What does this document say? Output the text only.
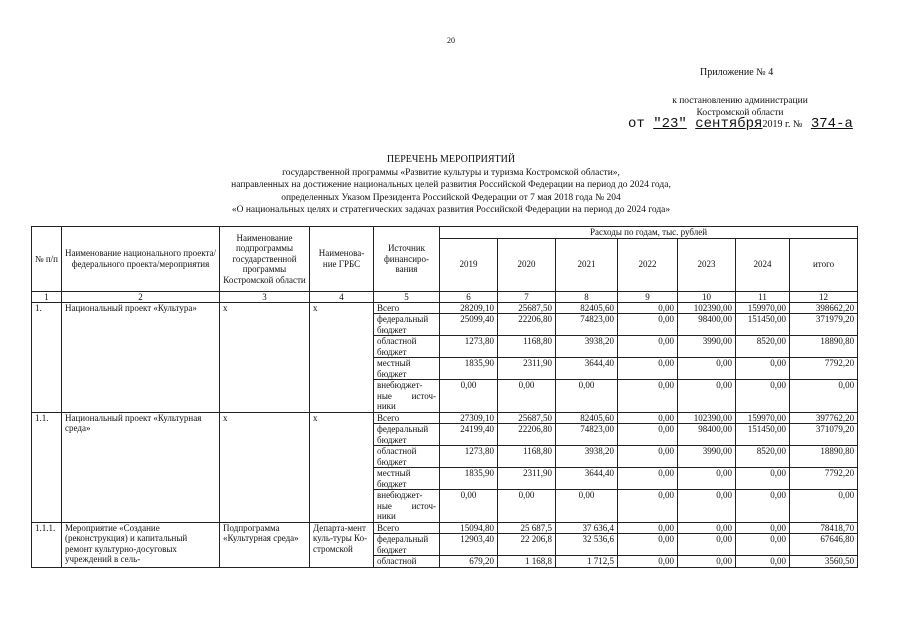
20
Приложение № 4
к постановлению администрации
Костромской области
от "23" сентября2019 г. № 374-а
ПЕРЕЧЕНЬ МЕРОПРИЯТИЙ
государственной программы «Развитие культуры и туризма Костромской области»,
направленных на достижение национальных целей развития Российской Федерации на период до 2024 года,
определенных Указом Президента Российской Федерации от 7 мая 2018 года № 204
«О национальных целях и стратегических задачах развития Российской Федерации на период до 2024 года»
№ п/п	Наименование национального проекта/федерального проекта/мероприятия	Наименование подпрограммы государственной программы Костромской области	Наименова-ние ГРБС	Источник финансиро-вания	Расходы по годам, тыс. рублей						
					2019	2020	2021	2022	2023	2024	итого
1	2	3	4	5	6	7	8	9	10	11	12
1.	Национальный проект «Культура»	х	х	Всего	28209,10	25687,50	82405,60	0,00	102390,00	159970,00	398662,20
				федеральный бюджет	25099,40	22206,80	74823,00	0,00	98400,00	151450,00	371979,20
				областной бюджет	1273,80	1168,80	3938,20	0,00	3990,00	8520,00	18890,80
				местный бюджет	1835,90	2311,90	3644,40	0,00	0,00	0,00	7792,20
				внебюджет-ные источ-ники	0,00	0,00	0,00	0,00	0,00	0,00	0,00
1.1.	Национальный проект «Культурная среда»	х	х	Всего	27309,10	25687,50	82405,60	0,00	102390,00	159970,00	397762,20
				федеральный бюджет	24199,40	22206,80	74823,00	0,00	98400,00	151450,00	371079,20
				областной бюджет	1273,80	1168,80	3938,20	0,00	3990,00	8520,00	18890,80
				местный бюджет	1835,90	2311,90	3644,40	0,00	0,00	0,00	7792,20
				внебюджет-ные источ-ники	0,00	0,00	0,00	0,00	0,00	0,00	0,00
1.1.1.	Мероприятие «Создание (реконструкция) и капитальный ремонт культурно-досуговых учреждений в сель-	Подпрограмма «Культурная среда»	Департа-мент куль-туры Ко-стромской	Всего	15094,80	25 687,5	37 636,4	0,00	0,00	0,00	78418,70
				федеральный бюджет	12903,40	22 206,8	32 536,6	0,00	0,00	0,00	67646,80
				областной	679,20	1 168,8	1 712,5	0,00	0,00	0,00	3560,50
